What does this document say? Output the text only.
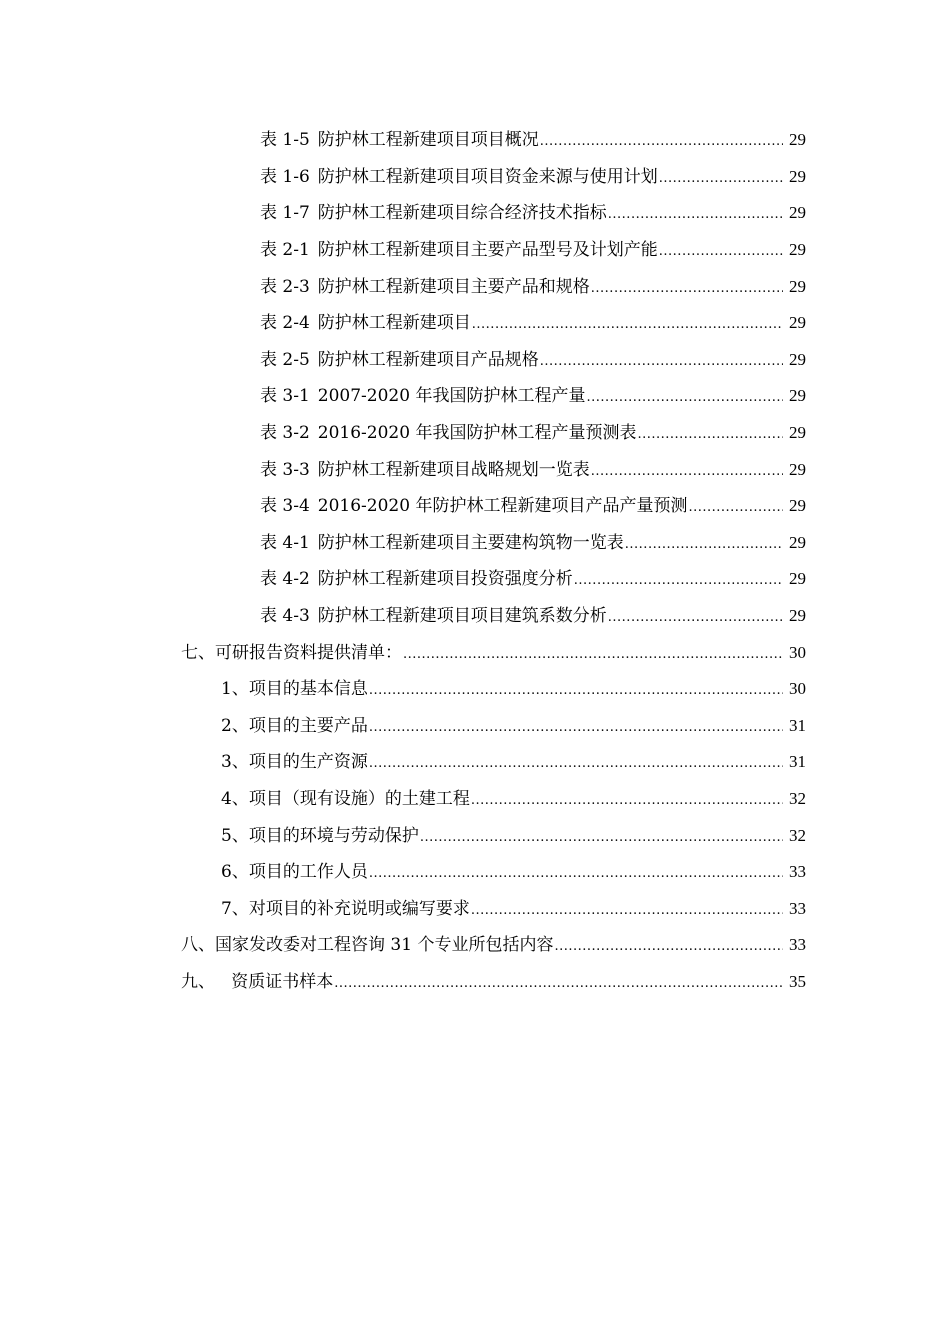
表 1-5 防护林工程新建项目项目概况 .....	29
表 1-6 防护林工程新建项目项目资金来源与使用计划 .....	29
表 1-7 防护林工程新建项目综合经济技术指标 .....	29
表 2-1 防护林工程新建项目主要产品型号及计划产能 .....	29
表 2-3 防护林工程新建项目主要产品和规格 .....	29
表 2-4 防护林工程新建项目 .....	29
表 2-5 防护林工程新建项目产品规格 .....	29
表 3-1 2007-2020 年我国防护林工程产量 .....	29
表 3-2 2016-2020 年我国防护林工程产量预测表 .....	29
表 3-3 防护林工程新建项目战略规划一览表 .....	29
表 3-4 2016-2020 年防护林工程新建项目产品产量预测 .....	29
表 4-1 防护林工程新建项目主要建构筑物一览表 .....	29
表 4-2 防护林工程新建项目投资强度分析 .....	29
表 4-3 防护林工程新建项目项目建筑系数分析 .....	29
七、可研报告资料提供清单： .....	30
1、项目的基本信息 .....	30
2、项目的主要产品 .....	31
3、项目的生产资源 .....	31
4、项目（现有设施）的土建工程 .....	32
5、项目的环境与劳动保护 .....	32
6、项目的工作人员 .....	33
7、对项目的补充说明或编写要求 .....	33
八、国家发改委对工程咨询 31 个专业所包括内容 .....	33
九、   资质证书样本 .....	35
